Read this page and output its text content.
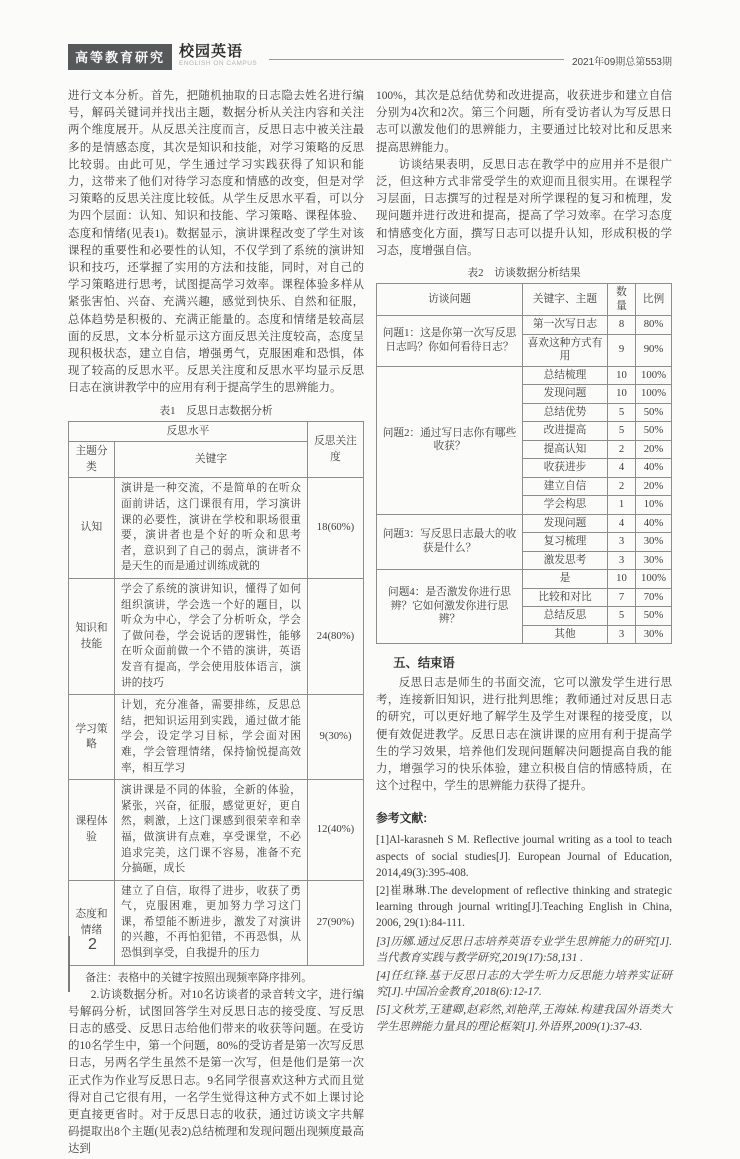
高等教育研究 校园英语
ENGLISH ON CAMPUS	2021年09期总第553期

进行文本分析。首先，把随机抽取的日志隐去姓名进行编号，解码关键词并找出主题，数据分析从关注内容和关注两个维度展开。从反思关注度而言，反思日志中被关注最多的是情感态度，其次是知识和技能，对学习策略的反思比较弱。由此可见，学生通过学习实践获得了知识和能力，这带来了他们对待学习态度和情感的改变，但是对学习策略的反思关注度比较低。从学生反思水平看，可以分为四个层面：认知、知识和技能、学习策略、课程体验、态度和情绪(见表1)。数据显示，演讲课程改变了学生对该课程的重要性和必要性的认知，不仅学到了系统的演讲知识和技巧，还掌握了实用的方法和技能，同时，对自己的学习策略进行思考，试图提高学习效率。课程体验多样从紧张害怕、兴奋、充满兴趣，感觉到快乐、自然和征服，总体趋势是积极的、充满正能量的。态度和情绪是较高层面的反思，文本分析显示这方面反思关注度较高，态度呈现积极状态，建立自信，增强勇气，克服困难和恐惧，体现了较高的反思水平。反思关注度和反思水平均显示反思日志在演讲教学中的应用有利于提高学生的思辨能力。

表1　反思日志数据分析
反思水平		反思关注度
主题分类	关键字	
认知	演讲是一种交流，不是简单的在听众面前讲话，这门课很有用，学习演讲课的必要性，演讲在学校和职场很重要，演讲者也是个好的听众和思考者，意识到了自己的弱点，演讲者不是天生的而是通过训练成就的	18(60%)
知识和技能	学会了系统的演讲知识，懂得了如何组织演讲，学会选一个好的题目，以听众为中心，学会了分析听众，学会了做问卷，学会说话的逻辑性，能够在听众面前做一个不错的演讲，英语发音有提高，学会使用肢体语言，演讲的技巧	24(80%)
学习策略	计划，充分准备，需要排练，反思总结，把知识运用到实践，通过做才能学会，设定学习目标，学会面对困难，学会管理情绪，保持愉悦提高效率，相互学习	9(30%)
课程体验	演讲课是不同的体验，全新的体验，紧张，兴奋，征服，感觉更好，更自然，刺激，上这门课感到很荣幸和幸福，做演讲有点难，享受课堂，不必追求完美，这门课不容易，准备不充分搞砸，成长	12(40%)
态度和情绪	建立了自信，取得了进步，收获了勇气，克服困难，更加努力学习这门课，希望能不断进步，激发了对演讲的兴趣，不再怕犯错，不再恐惧，从恐惧到享受，自我提升的压力	27(90%)
备注：表格中的关键字按照出现频率降序排列。

2.访谈数据分析。对10名访谈者的录音转文字，进行编号解码分析，试图回答学生对反思日志的接受度、写反思日志的感受、反思日志给他们带来的收获等问题。在受访的10名学生中，第一个问题，80%的受访者是第一次写反思日志，另两名学生虽然不是第一次写，但是他们是第一次正式作为作业写反思日志。9名同学很喜欢这种方式而且觉得对自己它很有用，一名学生觉得这种方式不如上课讨论更直接更省时。对于反思日志的收获，通过访谈文字共解码提取出8个主题(见表2)总结梳理和发现问题出现频度最高达到

100%，其次是总结优势和改进提高，收获进步和建立自信分别为4次和2次。第三个问题，所有受访者认为写反思日志可以激发他们的思辨能力，主要通过比较对比和反思来提高思辨能力。

访谈结果表明，反思日志在教学中的应用并不是很广泛，但这种方式非常受学生的欢迎而且很实用。在课程学习层面，日志撰写的过程是对所学课程的复习和梳理，发现问题并进行改进和提高，提高了学习效率。在学习态度和情感变化方面，撰写日志可以提升认知，形成积极的学习态，度增强自信。

表2　访谈数据分析结果
访谈问题	关键字、主题	数量	比例
问题1：这是你第一次写反思日志吗？你如何看待日志？	第一次写日志	8	80%
	喜欢这种方式有用	9	90%
问题2：通过写日志你有哪些收获？	总结梳理	10	100%
	发现问题	10	100%
	总结优势	5	50%
	改进提高	5	50%
	提高认知	2	20%
	收获进步	4	40%
	建立自信	2	20%
	学会构思	1	10%
问题3：写反思日志最大的收获是什么？	发现问题	4	40%
	复习梳理	3	30%
	激发思考	3	30%
问题4：是否激发你进行思辨？它如何激发你进行思辨？	是	10	100%
	比较和对比	7	70%
	总结反思	5	50%
	其他	3	30%
五、结束语

反思日志是师生的书面交流，它可以激发学生进行思考，连接新旧知识，进行批判思维；教师通过对反思日志的研究，可以更好地了解学生及学生对课程的接受度，以便有效促进教学。反思日志在演讲课的应用有利于提高学生的学习效果，培养他们发现问题解决问题提高自我的能力，增强学习的快乐体验，建立积极自信的情感特质，在这个过程中，学生的思辨能力获得了提升。

参考文献:

[1]Al-karasneh S M. Reflective journal writing as a tool to teach aspects of social studies[J]. European Journal of Education, 2014,49(3):395-408.

[2]崔琳琳.The development of reflective thinking and strategic learning through journal writing[J].Teaching English in China, 2006, 29(1):84-111.

[3]历娜.通过反思日志培养英语专业学生思辨能力的研究[J].当代教育实践与教学研究,2019(17):58,131 .

[4]任红锋.基于反思日志的大学生听力反思能力培养实证研究[J].中国冶金教育,2018(6):12-17.

[5]文秋芳,王建卿,赵彩然,刘艳萍,王海妹.构建我国外语类大学生思辨能力量具的理论框架[J].外语界,2009(1):37-43.

2
